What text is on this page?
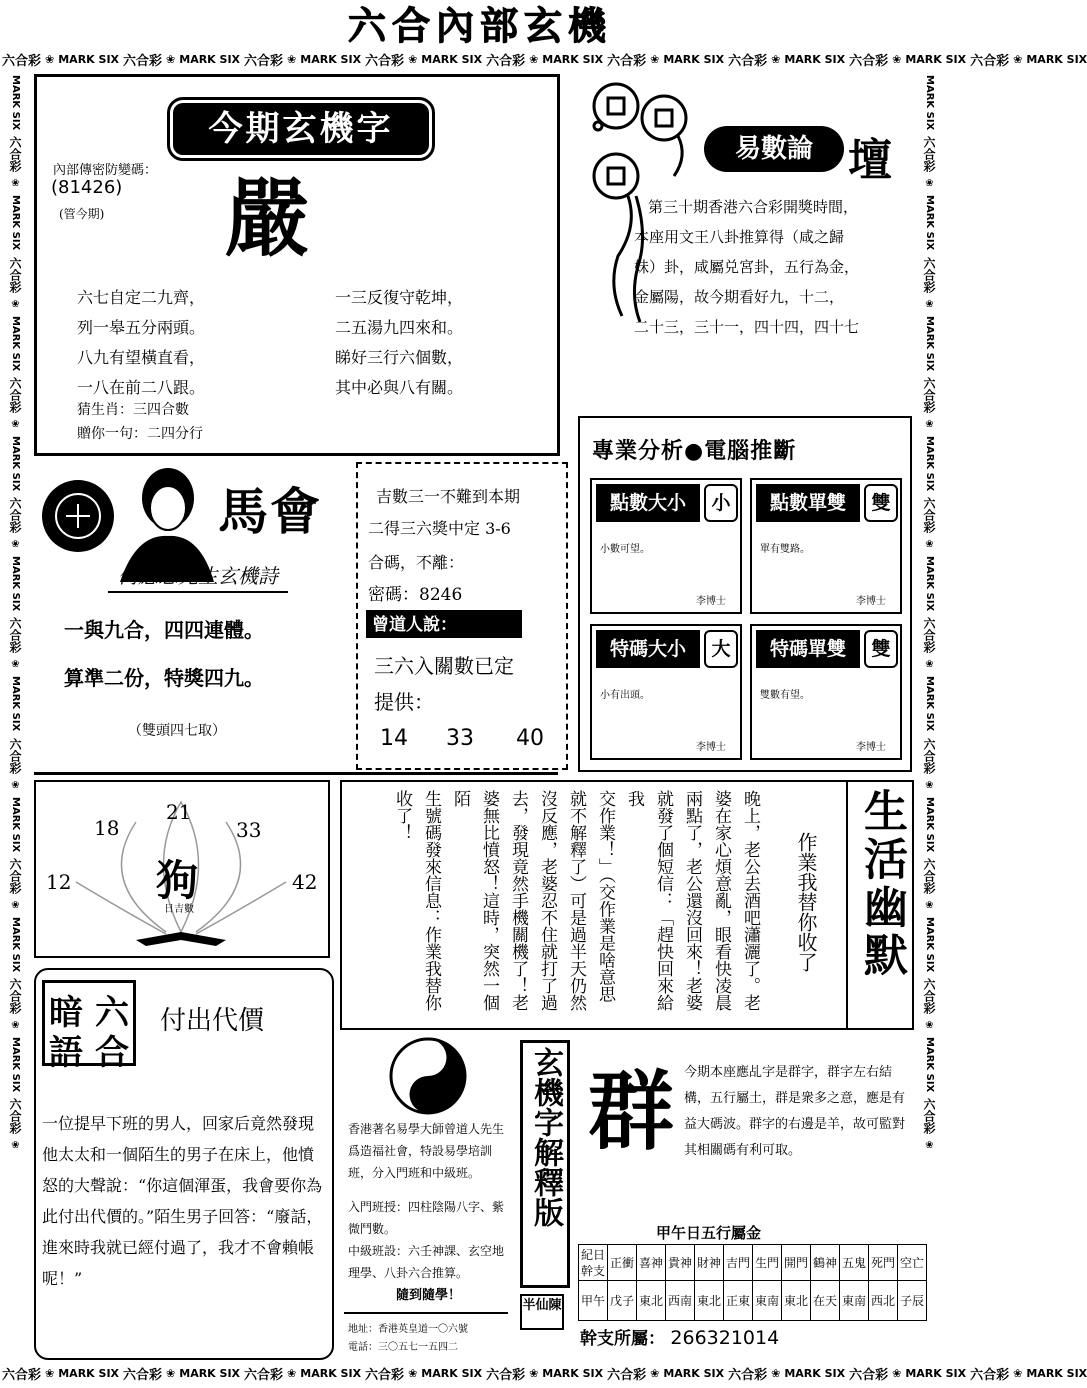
六合內部玄機
六合彩 ❀ MARK SIX 六合彩 ❀ MARK SIX 六合彩 ❀ MARK SIX 六合彩 ❀ MARK SIX 六合彩 ❀ MARK SIX 六合彩 ❀ MARK SIX 六合彩 ❀ MARK SIX 六合彩 ❀ MARK SIX 六合彩 ❀ MARK SIX
六合彩 ❀ MARK SIX 六合彩 ❀ MARK SIX 六合彩 ❀ MARK SIX 六合彩 ❀ MARK SIX 六合彩 ❀ MARK SIX 六合彩 ❀ MARK SIX 六合彩 ❀ MARK SIX 六合彩 ❀ MARK SIX 六合彩 ❀ MARK SIX
MARK SIX六合彩❀MARK SIX六合彩❀MARK SIX六合彩❀MARK SIX六合彩❀MARK SIX六合彩❀MARK SIX六合彩❀MARK SIX六合彩❀MARK SIX六合彩❀MARK SIX六合彩❀
MARK SIX六合彩❀MARK SIX六合彩❀MARK SIX六合彩❀MARK SIX六合彩❀MARK SIX六合彩❀MARK SIX六合彩❀MARK SIX六合彩❀MARK SIX六合彩❀MARK SIX六合彩❀
今期玄機字
內部傳密防變碼：
(81426)
(管今期) 嚴

六七自定二九齊，

列一皋五分兩頭。

八九有望橫直看，

一八在前二八跟。

一三反復守乾坤，

二五湯九四來和。

睇好三行六個數，

其中必與八有關。

猜生肖：三四合數
贈你一句：二四分行
易數論 壇
第三十期香港六合彩開獎時間，
本座用文王八卦推算得（咸之歸
妹）卦，咸屬兑宮卦，五行為金，
金屬陽，故今期看好九，十二，
二十三，三十一，四十四，四十七
馬會
何應忠先生玄機詩
一與九合，四四連體。
算準二份，特獎四九。
（雙頭四七取）
吉數三一不難到本期
二得三六獎中定 3-6
合碼，不離：
密碼：8246
曾道人說：
三六入關數已定
提供：
14 33 40
專業分析●電腦推斷
點數大小	小
小數可望。
李博士
點數單雙	雙
單有雙路。
李博士
特碼大小	大
小有出頭。
李博士
特碼單雙	雙
雙數有望。
李博士
狗
日吉數
12
18
21
33
42	生活幽默
作業我替你收了
晚上，老公去酒吧瀟灑了。老
婆在家心煩意亂，眼看快凌晨
兩點了，老公還沒回來！老婆
就發了個短信：「趕快回來給我
交作業！」（交作業是啥意思
就不解釋了）可是過半天仍然
沒反應，老婆忍不住就打了過
去，發現竟然手機關機了！老
婆無比憤怒！這時，突然一個陌
生號碼發來信息：作業我替你
收了！
暗 六
語 合
付出代價
一位提早下班的男人，回家后竟然發現他太太和一個陌生的男子在床上，他憤怒的大聲說：“你這個渾蛋，我會要你為此付出代價的。”陌生男子回答：“廢話，進來時我就已經付過了，我才不會賴帳呢！”
香港著名易學大師曾道人先生爲造福社會，特設易學培訓班，分入門班和中級班。
入門班授：四柱陰陽八字、紫微鬥數。
中級班設：六壬神課、玄空地理學、八卦六合推算。
隨到隨學！
地址：香港英皇道一〇六號
電話：三〇五七一五四二
玄機字解釋版
半仙陳
群 今期本座應乩字是群字，群字左右結構，五行屬土，群是衆多之意，應是有益大碼波。群字的右邊是羊，故可監對其相關碼有利可取。
甲午日五行屬金
紀日
幹支	正衝	喜神	貴神	財神	吉門	生門	開門	鶴神	五鬼	死門	空亡
甲午	戊子	東北	西南	東北	正東	東南	東北	在天	東南	西北	子辰
幹支所屬： 266321014
